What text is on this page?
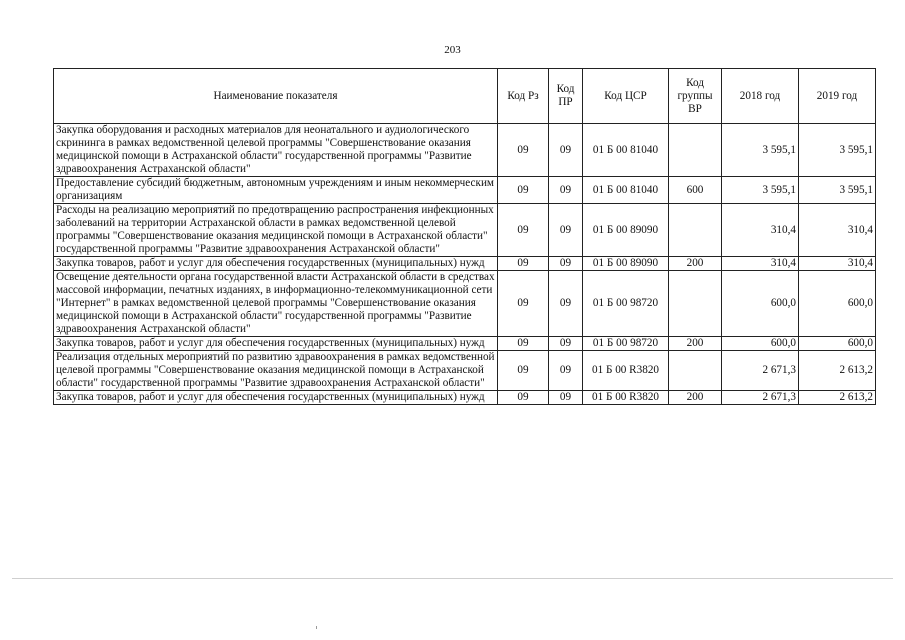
203
Наименование показателя	Код Рз	Код ПР	Код ЦСР	Код группы ВР	2018 год	2019 год
Закупка оборудования и расходных материалов для неонатального и аудиологического скрининга в рамках ведомственной целевой программы "Совершенствование оказания медицинской помощи в Астраханской области" государственной программы "Развитие здравоохранения Астраханской области"	09	09	01 Б 00 81040		3 595,1	3 595,1
Предоставление субсидий бюджетным, автономным учреждениям и иным некоммерческим организациям	09	09	01 Б 00 81040	600	3 595,1	3 595,1
Расходы на реализацию мероприятий по предотвращению распространения инфекционных заболеваний на территории Астраханской области в рамках ведомственной целевой программы "Совершенствование оказания медицинской помощи в Астраханской области" государственной программы "Развитие здравоохранения Астраханской области"	09	09	01 Б 00 89090		310,4	310,4
Закупка товаров, работ и услуг для обеспечения государственных (муниципальных) нужд	09	09	01 Б 00 89090	200	310,4	310,4
Освещение деятельности органа государственной власти Астраханской области в средствах массовой информации, печатных изданиях, в информационно-телекоммуникационной сети "Интернет" в рамках ведомственной целевой программы "Совершенствование оказания медицинской помощи в Астраханской области" государственной программы "Развитие здравоохранения Астраханской области"	09	09	01 Б 00 98720		600,0	600,0
Закупка товаров, работ и услуг для обеспечения государственных (муниципальных) нужд	09	09	01 Б 00 98720	200	600,0	600,0
Реализация отдельных мероприятий по развитию здравоохранения в рамках ведомственной целевой программы "Совершенствование оказания медицинской помощи в Астраханской области" государственной программы "Развитие здравоохранения Астраханской области"	09	09	01 Б 00 R3820		2 671,3	2 613,2
Закупка товаров, работ и услуг для обеспечения государственных (муниципальных) нужд	09	09	01 Б 00 R3820	200	2 671,3	2 613,2
